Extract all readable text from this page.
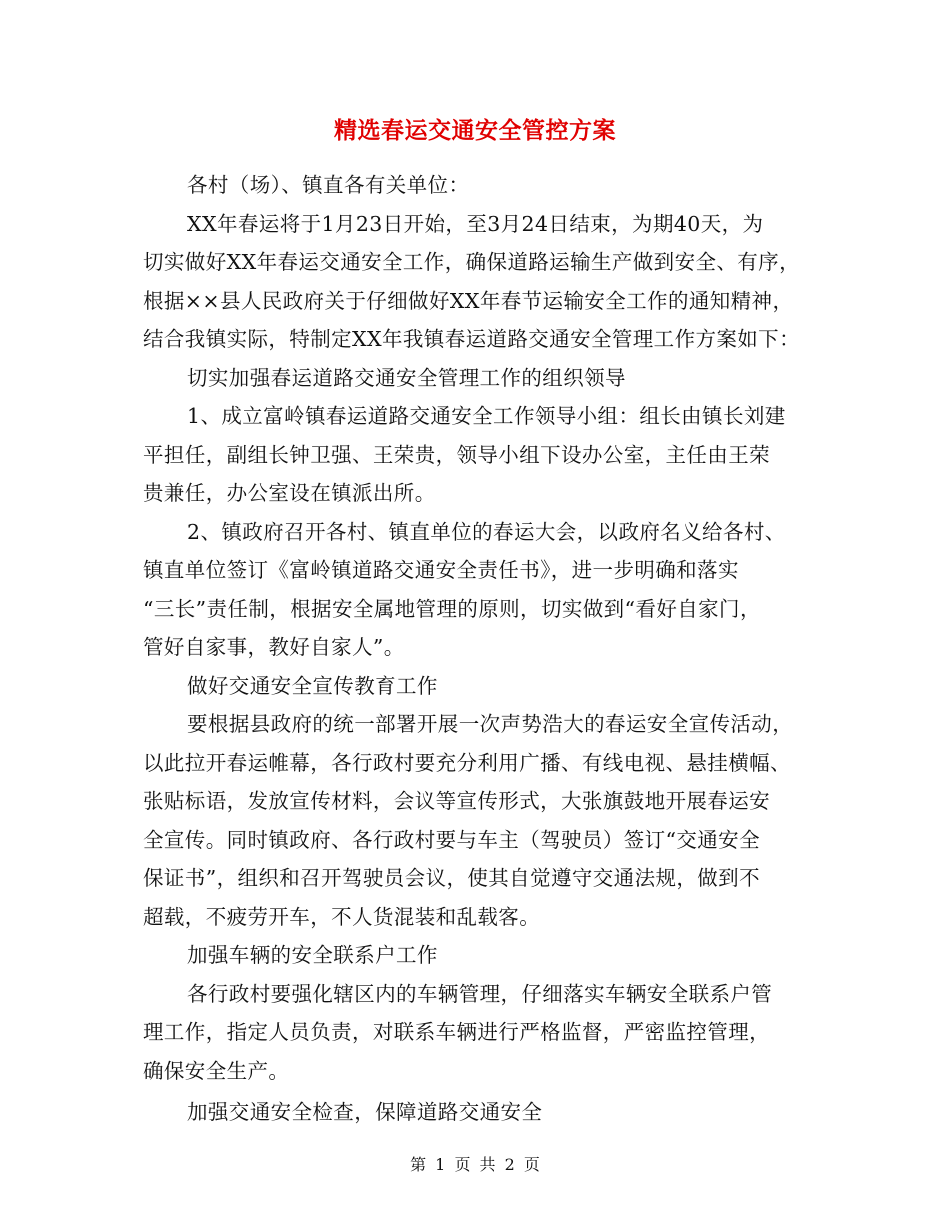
精选春运交通安全管控方案
各村（场）、镇直各有关单位：
XX年春运将于1月23日开始，至3月24日结束，为期40天，为
切实做好XX年春运交通安全工作，确保道路运输生产做到安全、有序，
根据××县人民政府关于仔细做好XX年春节运输安全工作的通知精神，
结合我镇实际，特制定XX年我镇春运道路交通安全管理工作方案如下：
切实加强春运道路交通安全管理工作的组织领导
1、成立富岭镇春运道路交通安全工作领导小组：组长由镇长刘建
平担任，副组长钟卫强、王荣贵，领导小组下设办公室，主任由王荣
贵兼任，办公室设在镇派出所。
2、镇政府召开各村、镇直单位的春运大会，以政府名义给各村、
镇直单位签订《富岭镇道路交通安全责任书》，进一步明确和落实
“三长”责任制，根据安全属地管理的原则，切实做到“看好自家门，
管好自家事，教好自家人”。
做好交通安全宣传教育工作
要根据县政府的统一部署开展一次声势浩大的春运安全宣传活动，
以此拉开春运帷幕，各行政村要充分利用广播、有线电视、悬挂横幅、
张贴标语，发放宣传材料，会议等宣传形式，大张旗鼓地开展春运安
全宣传。同时镇政府、各行政村要与车主（驾驶员）签订“交通安全
保证书”，组织和召开驾驶员会议，使其自觉遵守交通法规，做到不
超载，不疲劳开车，不人货混装和乱载客。
加强车辆的安全联系户工作
各行政村要强化辖区内的车辆管理，仔细落实车辆安全联系户管
理工作，指定人员负责，对联系车辆进行严格监督，严密监控管理，
确保安全生产。
加强交通安全检查，保障道路交通安全
第 1 页 共 2 页
